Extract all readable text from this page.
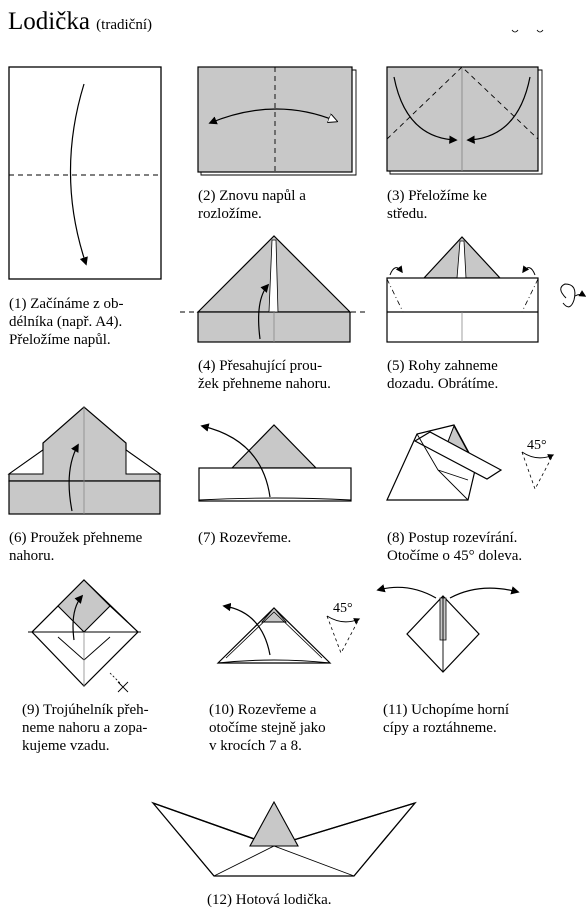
Lodička (tradiční)
45°
45°
(1) Začínáme z ob-
délníka (např. A4).
Přeložíme napůl.
(2) Znovu napůl a
rozložíme.
(3) Přeložíme ke
středu.
(4) Přesahující prou-
žek přehneme nahoru.
(5) Rohy zahneme
dozadu. Obrátíme.
(6) Proužek přehneme
nahoru.
(7) Rozevřeme.	(8) Postup rozevírání.
Otočíme o 45° doleva.
(9) Trojúhelník přeh-
neme nahoru a zopa-
kujeme vzadu.
(10) Rozevřeme a
otočíme stejně jako
v krocích 7 a 8.
(11) Uchopíme horní
cípy a roztáhneme.
(12) Hotová lodička.
